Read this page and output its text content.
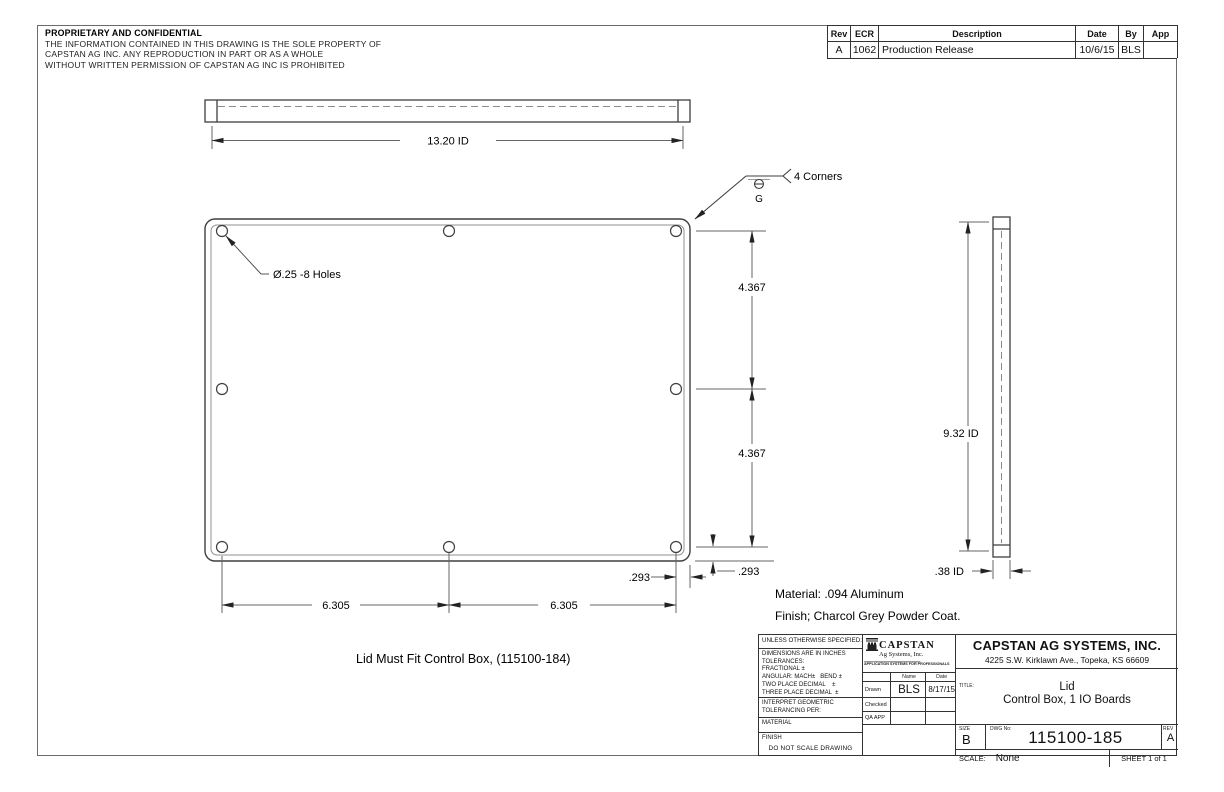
PROPRIETARY AND CONFIDENTIAL
THE INFORMATION CONTAINED IN THIS DRAWING IS THE SOLE PROPERTY OF
CAPSTAN AG INC. ANY REPRODUCTION IN PART OR AS A WHOLE
WITHOUT WRITTEN PERMISSION OF CAPSTAN AG INC IS PROHIBITED
Rev ECR	Description	Date	By	App
A 1062 Production Release	10/6/15 BLS
13.20 ID
Ø.25 -8 Holes
G
4 Corners
4.367
4.367
.293
.293
6.305	6.305
9.32 ID
.38 ID
Material: .094 Aluminum
Finish; Charcol Grey Powder Coat.
Lid Must Fit Control Box, (115100-184)
UNLESS OTHERWISE SPECIFIED:
DIMENSIONS ARE IN INCHES
TOLERANCES:
FRACTIONAL ±
ANGULAR: MACH±   BEND ±
TWO PLACE DECIMAL    ±
THREE PLACE DECIMAL  ±
INTERPRET GEOMETRIC
TOLERANCING PER:
MATERIAL
FINISH
DO NOT SCALE DRAWING
CAPSTAN
Ag Systems, Inc.
APPLICATION SYSTEMS FOR PROFESSIONALS
Name	Date
Drawn	BLS	8/17/15
Checked
QA APP
CAPSTAN AG SYSTEMS, INC.
4225 S.W. Kirklawn Ave., Topeka, KS 66609
TITLE:	Lid
Control Box, 1 IO Boards
SIZE
B
DWG No: 115100-185	REV
A
SCALE: None	SHEET 1 of 1
